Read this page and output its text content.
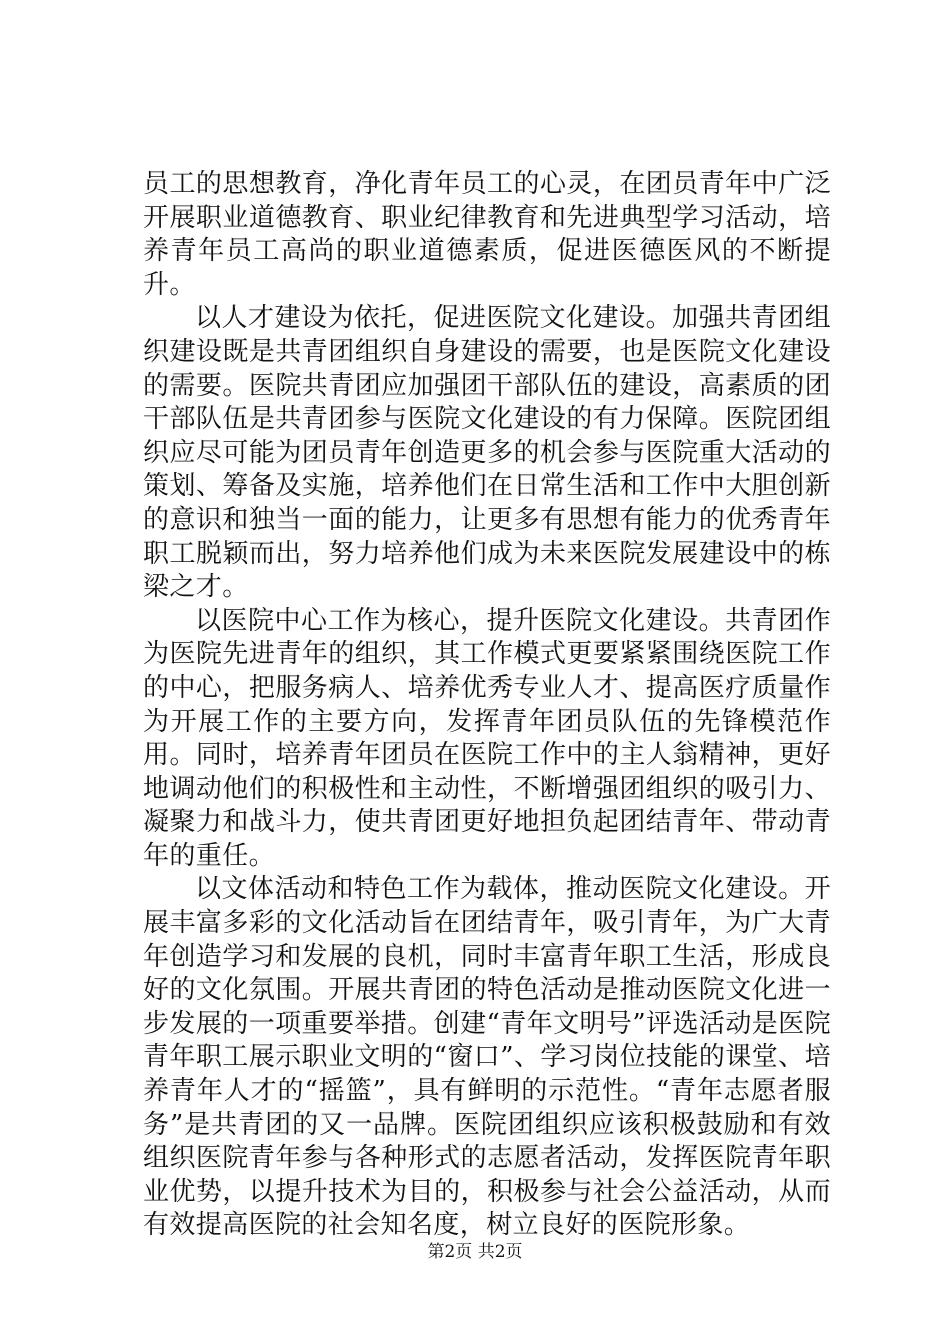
员工的思想教育，净化青年员工的心灵，在团员青年中广泛开展职业道德教育、职业纪律教育和先进典型学习活动，培养青年员工高尚的职业道德素质，促进医德医风的不断提升。

以人才建设为依托，促进医院文化建设。加强共青团组织建设既是共青团组织自身建设的需要，也是医院文化建设的需要。医院共青团应加强团干部队伍的建设，高素质的团干部队伍是共青团参与医院文化建设的有力保障。医院团组织应尽可能为团员青年创造更多的机会参与医院重大活动的策划、筹备及实施，培养他们在日常生活和工作中大胆创新的意识和独当一面的能力，让更多有思想有能力的优秀青年职工脱颖而出，努力培养他们成为未来医院发展建设中的栋梁之才。

以医院中心工作为核心，提升医院文化建设。共青团作为医院先进青年的组织，其工作模式更要紧紧围绕医院工作的中心，把服务病人、培养优秀专业人才、提高医疗质量作为开展工作的主要方向，发挥青年团员队伍的先锋模范作用。同时，培养青年团员在医院工作中的主人翁精神，更好地调动他们的积极性和主动性，不断增强团组织的吸引力、凝聚力和战斗力，使共青团更好地担负起团结青年、带动青年的重任。

以文体活动和特色工作为载体，推动医院文化建设。开展丰富多彩的文化活动旨在团结青年，吸引青年，为广大青年创造学习和发展的良机，同时丰富青年职工生活，形成良好的文化氛围。开展共青团的特色活动是推动医院文化进一步发展的一项重要举措。创建“青年文明号”评选活动是医院青年职工展示职业文明的“窗口”、学习岗位技能的课堂、培养青年人才的“摇篮”，具有鲜明的示范性。“青年志愿者服务”是共青团的又一品牌。医院团组织应该积极鼓励和有效组织医院青年参与各种形式的志愿者活动，发挥医院青年职业优势，以提升技术为目的，积极参与社会公益活动，从而有效提高医院的社会知名度，树立良好的医院形象。

第2页 共2页
